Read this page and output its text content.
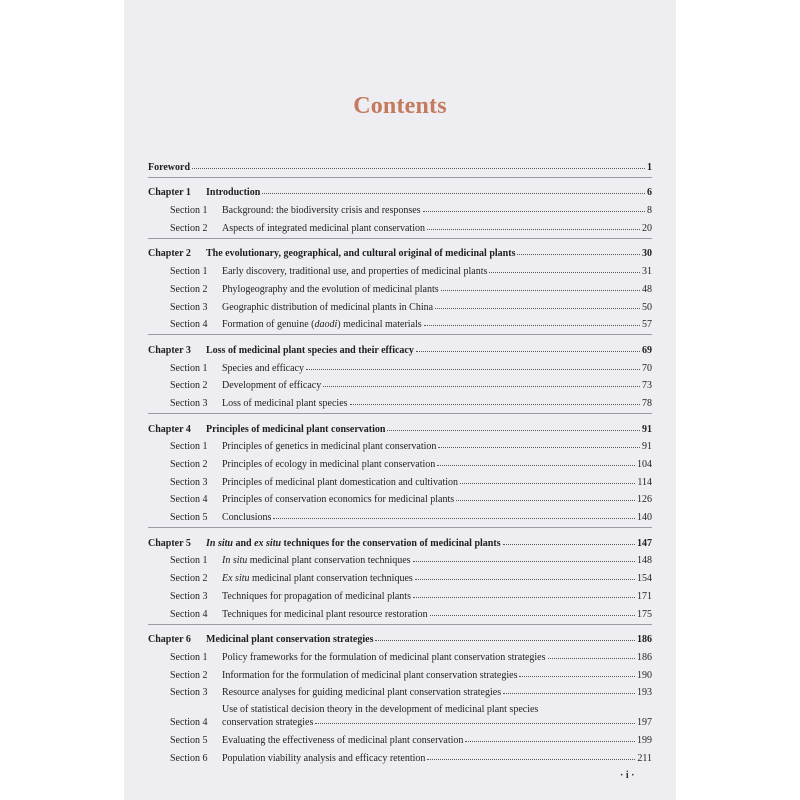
Contents
Foreword	1
Chapter 1	Introduction	6
Section 1	Background: the biodiversity crisis and responses	8
Section 2	Aspects of integrated medicinal plant conservation	20
Chapter 2	The evolutionary, geographical, and cultural original of medicinal plants	30
Section 1	Early discovery, traditional use, and properties of medicinal plants	31
Section 2	Phylogeography and the evolution of medicinal plants	48
Section 3	Geographic distribution of medicinal plants in China	50
Section 4	Formation of genuine (daodi) medicinal materials	57
Chapter 3	Loss of medicinal plant species and their efficacy	69
Section 1	Species and efficacy	70
Section 2	Development of efficacy	73
Section 3	Loss of medicinal plant species	78
Chapter 4	Principles of medicinal plant conservation	91
Section 1	Principles of genetics in medicinal plant conservation	91
Section 2	Principles of ecology in medicinal plant conservation	104
Section 3	Principles of medicinal plant domestication and cultivation	114
Section 4	Principles of conservation economics for medicinal plants	126
Section 5	Conclusions	140
Chapter 5	In situ and ex situ techniques for the conservation of medicinal plants	147
Section 1	In situ medicinal plant conservation techniques	148
Section 2	Ex situ medicinal plant conservation techniques	154
Section 3	Techniques for propagation of medicinal plants	171
Section 4	Techniques for medicinal plant resource restoration	175
Chapter 6	Medicinal plant conservation strategies	186
Section 1	Policy frameworks for the formulation of medicinal plant conservation strategies	186
Section 2	Information for the formulation of medicinal plant conservation strategies	190
Section 3	Resource analyses for guiding medicinal plant conservation strategies	193
Section 4
Use of statistical decision theory in the development of medicinal plant species
conservation strategies	197
Section 5	Evaluating the effectiveness of medicinal plant conservation	199
Section 6	Population viability analysis and efficacy retention	211
· i ·
